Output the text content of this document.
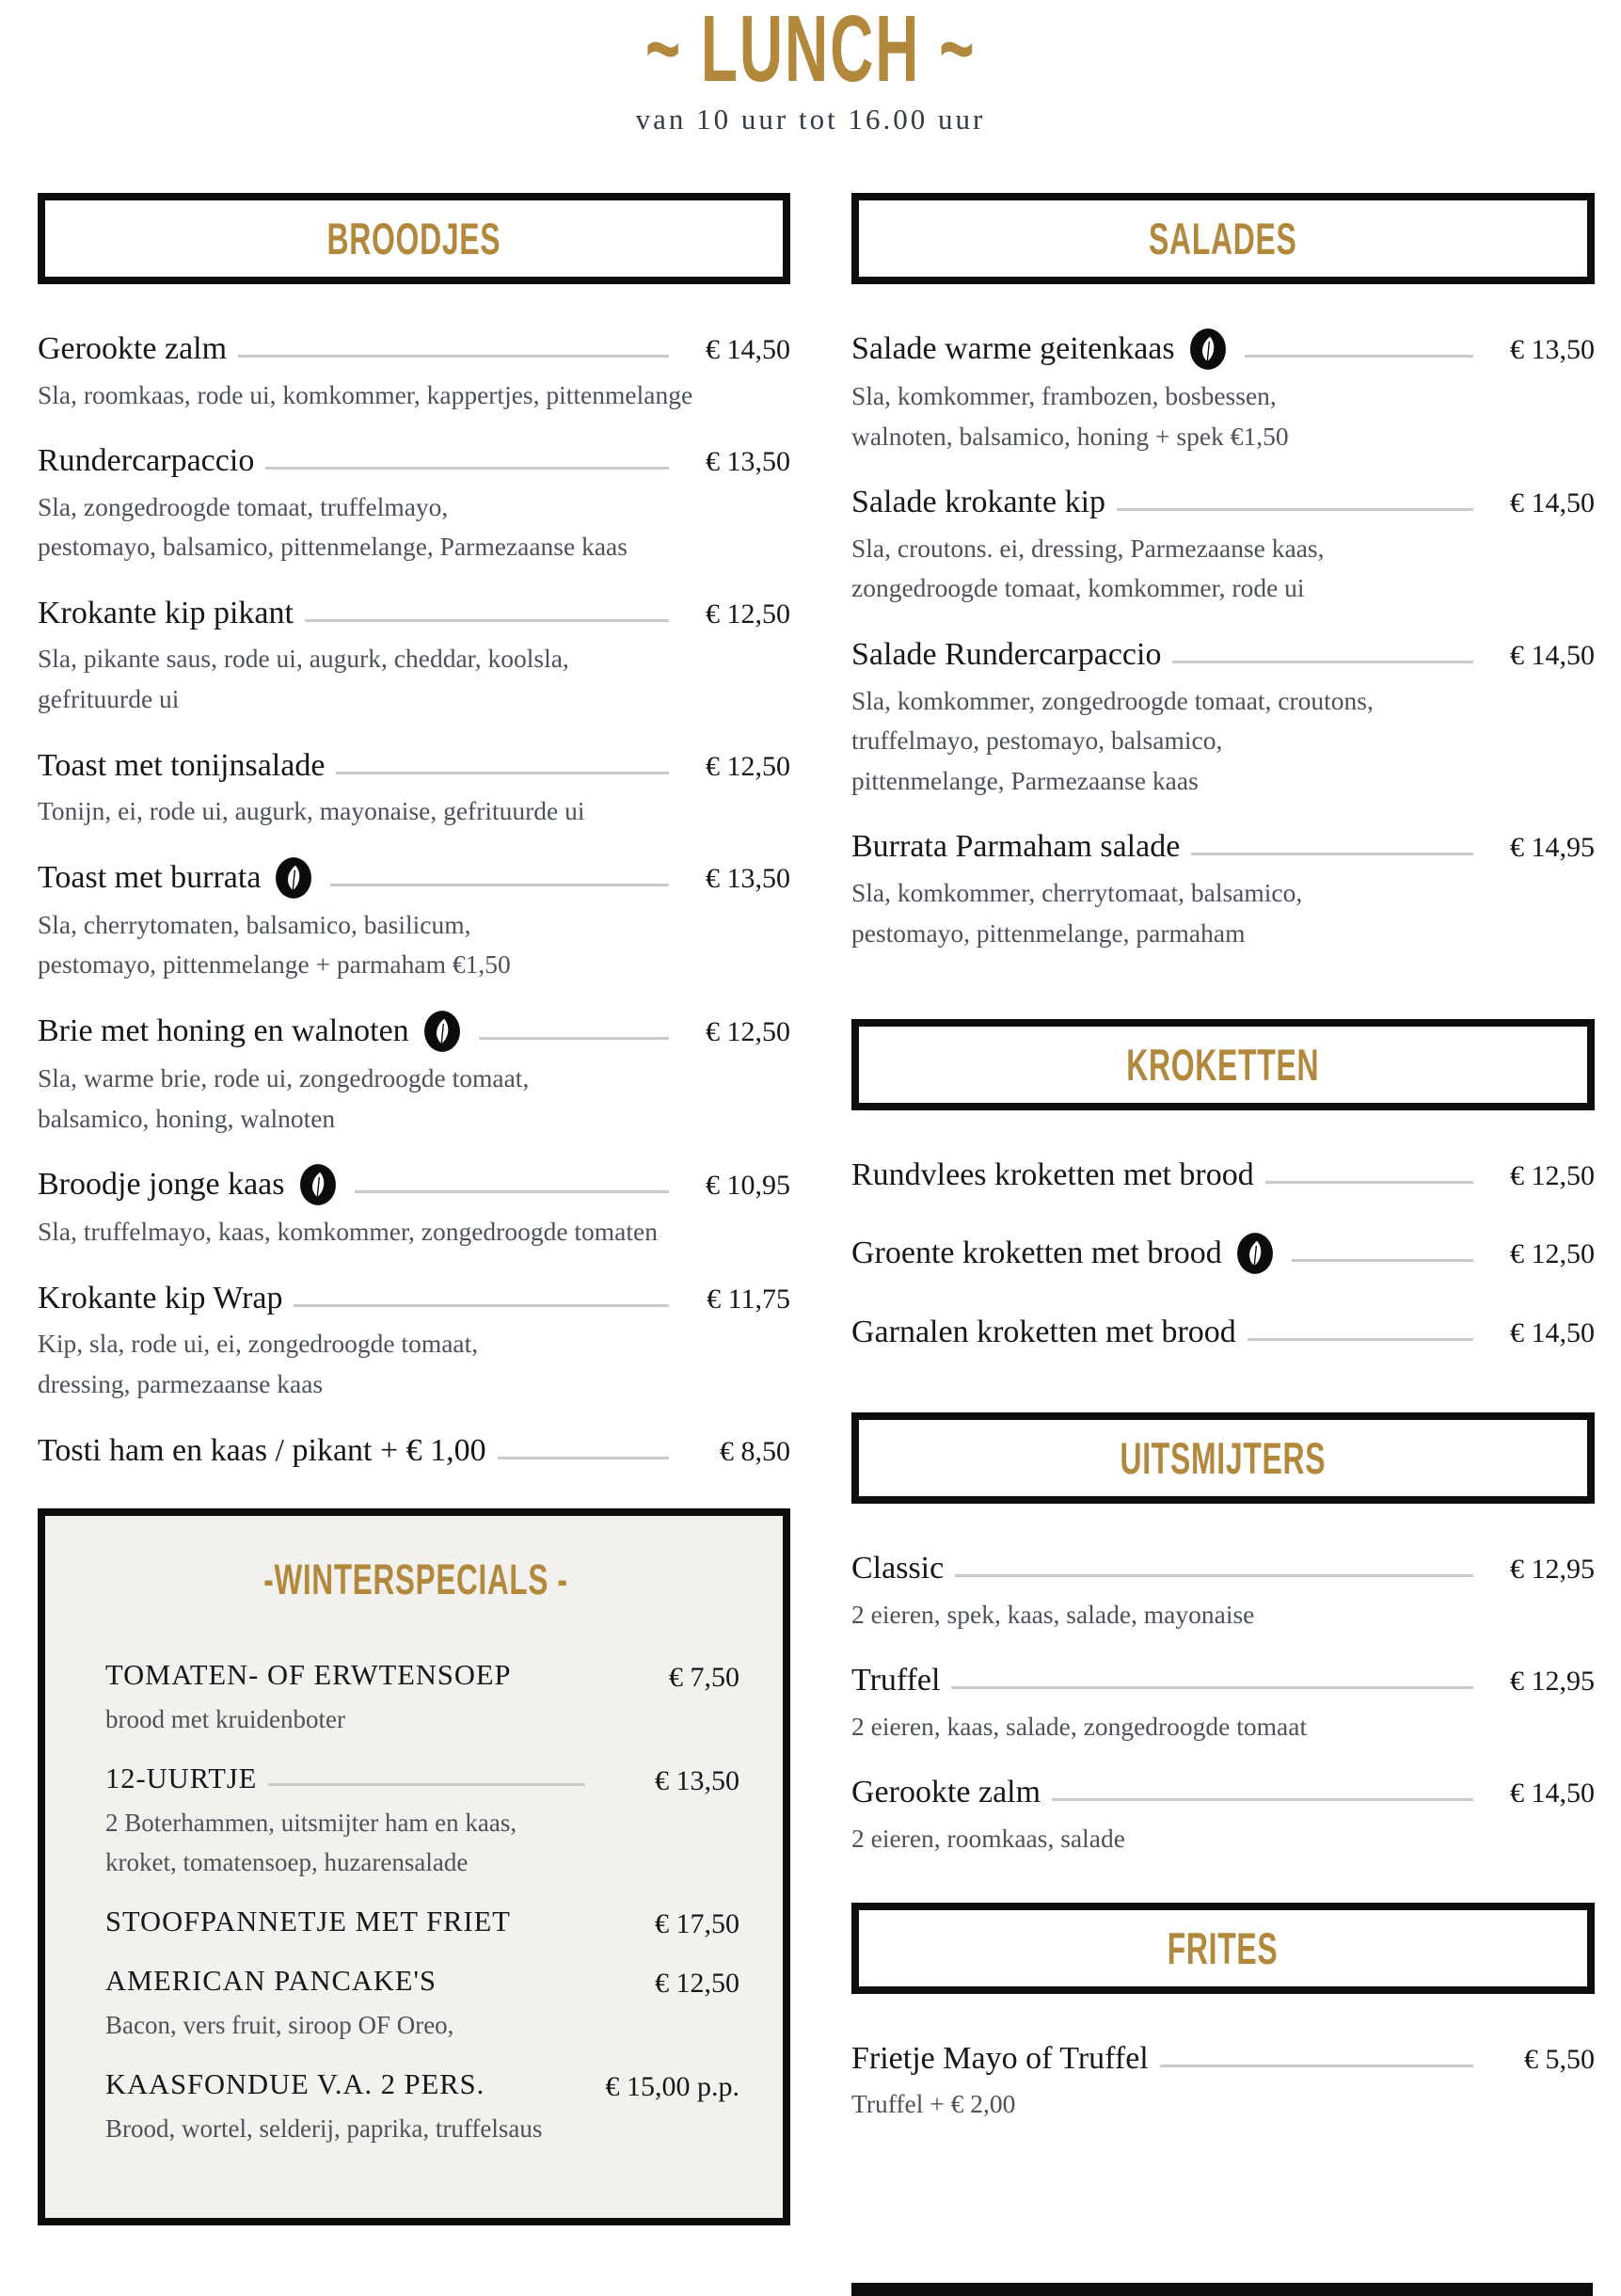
~ LUNCH ~
van 10 uur tot 16.00 uur
BROODJES
Gerookte zalm	€ 14,50
Sla, roomkaas, rode ui, komkommer, kappertjes, pittenmelange
Rundercarpaccio	€ 13,50
Sla, zongedroogde tomaat, truffelmayo,
pestomayo, balsamico, pittenmelange, Parmezaanse kaas
Krokante kip pikant	€ 12,50
Sla, pikante saus, rode ui, augurk, cheddar, koolsla,
gefrituurde ui
Toast met tonijnsalade	€ 12,50
Tonijn, ei, rode ui, augurk, mayonaise, gefrituurde ui
Toast met burrata	€ 13,50
Sla, cherrytomaten, balsamico, basilicum,
pestomayo, pittenmelange + parmaham €1,50
Brie met honing en walnoten	€ 12,50
Sla, warme brie, rode ui, zongedroogde tomaat,
balsamico, honing, walnoten
Broodje jonge kaas	€ 10,95
Sla, truffelmayo, kaas, komkommer, zongedroogde tomaten
Krokante kip Wrap	€ 11,75
Kip, sla, rode ui, ei, zongedroogde tomaat,
dressing, parmezaanse kaas
Tosti ham en kaas / pikant + € 1,00	€ 8,50
-WINTERSPECIALS -
TOMATEN- OF ERWTENSOEP	€ 7,50
brood met kruidenboter
12-UURTJE	€ 13,50
2 Boterhammen, uitsmijter ham en kaas,
kroket, tomatensoep, huzarensalade
STOOFPANNETJE MET FRIET	€ 17,50
AMERICAN PANCAKE'S	€ 12,50
Bacon, vers fruit, siroop OF Oreo,
KAASFONDUE V.A. 2 PERS.	€ 15,00 p.p.
Brood, wortel, selderij, paprika, truffelsaus
SALADES
Salade warme geitenkaas	€ 13,50
Sla, komkommer, frambozen, bosbessen,
walnoten, balsamico, honing + spek €1,50
Salade krokante kip	€ 14,50
Sla, croutons. ei, dressing, Parmezaanse kaas,
zongedroogde tomaat, komkommer, rode ui
Salade Rundercarpaccio	€ 14,50
Sla, komkommer, zongedroogde tomaat, croutons,
truffelmayo, pestomayo, balsamico,
pittenmelange, Parmezaanse kaas
Burrata Parmaham salade	€ 14,95
Sla, komkommer, cherrytomaat, balsamico,
pestomayo, pittenmelange, parmaham
KROKETTEN
Rundvlees kroketten met brood	€ 12,50
Groente kroketten met brood	€ 12,50
Garnalen kroketten met brood	€ 14,50
UITSMIJTERS
Classic	€ 12,95
2 eieren, spek, kaas, salade, mayonaise
Truffel	€ 12,95
2 eieren, kaas, salade, zongedroogde tomaat
Gerookte zalm	€ 14,50
2 eieren, roomkaas, salade
FRITES
Frietje Mayo of Truffel	€ 5,50
Truffel + € 2,00
